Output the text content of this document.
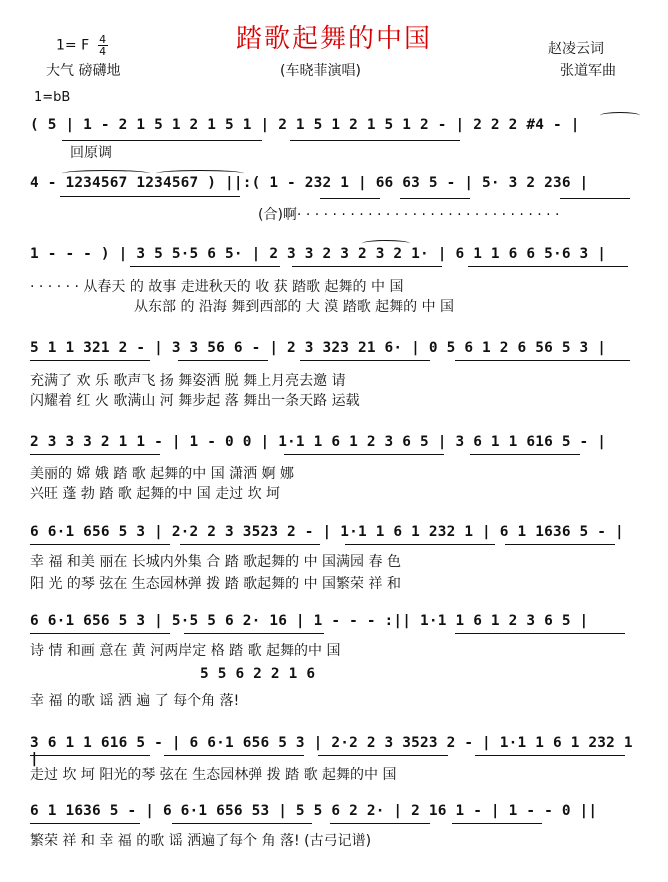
踏歌起舞的中国
1= F $\frac{4}{4}$
大气 磅礴地	(车晓菲演唱)
赵凌云词
张道军曲
1=bB
( 5 | 1 - 2 1 5 1 2 1 5 1 | 2 1 5 1 2 1 5 1 2 - | 2 2 2 #4 - |
回原调
4 - 1234567 1234567 ) ||:( 1 - 232 1 | 66 63 5 - | 5· 3 2 236 |
(合)啊· · · · · · · · · · · · · · · · · · · · · · · · · · · · · ·
1 - - - ) | 3 5 5·5 6 5· | 2 3 3 2 3 2 3 2 1· | 6 1 1 6 6 5·6 3 |
· · · · · · 从春天 的 故事 走进秋天的 收 获 踏歌 起舞的 中 国
从东部 的 沿海 舞到西部的 大 漠 踏歌 起舞的 中 国
5 1 1 321 2 - | 3 3 56 6 - | 2 3 323 21 6· | 0 5 6 1 2 6 56 5 3 |
充满了 欢 乐 歌声飞 扬 舞姿洒 脱 舞上月亮去邀 请
闪耀着 红 火 歌满山 河 舞步起 落 舞出一条天路 运载
2 3 3 3 2 1 1 - | 1 - 0 0 | 1·1 1 6 1 2 3 6 5 | 3 6 1 1 616 5 - |
美丽的 嫦 娥 踏 歌 起舞的中 国 潇洒 婀 娜
兴旺 蓬 勃 踏 歌 起舞的中 国 走过 坎 坷
6 6·1 656 5 3 | 2·2 2 3 3523 2 - | 1·1 1 6 1 232 1 | 6 1 1636 5 - |
幸 福 和美 丽在 长城内外集 合 踏 歌起舞的 中 国满园 春 色
阳 光 的琴 弦在 生态园林弹 拨 踏 歌起舞的 中 国繁荣 祥 和
6 6·1 656 5 3 | 5·5 5 6 2· 16 | 1 - - - :|| 1·1 1 6 1 2 3 6 5 |
诗 情 和画 意在 黄 河两岸定 格 踏 歌 起舞的中 国
5 5 6 2 2 1 6
幸 福 的歌 谣 洒 遍 了 每个角 落!
3 6 1 1 616 5 - | 6 6·1 656 5 3 | 2·2 2 3 3523 2 - | 1·1 1 6 1 232 1 |
走过 坎 坷 阳光的琴 弦在 生态园林弹 拨 踏 歌 起舞的中 国
6 1 1636 5 - | 6 6·1 656 53 | 5 5 6 2 2· | 2 16 1 - | 1 - - 0 ||
繁荣 祥 和 幸 福 的歌 谣 洒遍了每个 角 落! (古弓记谱)
